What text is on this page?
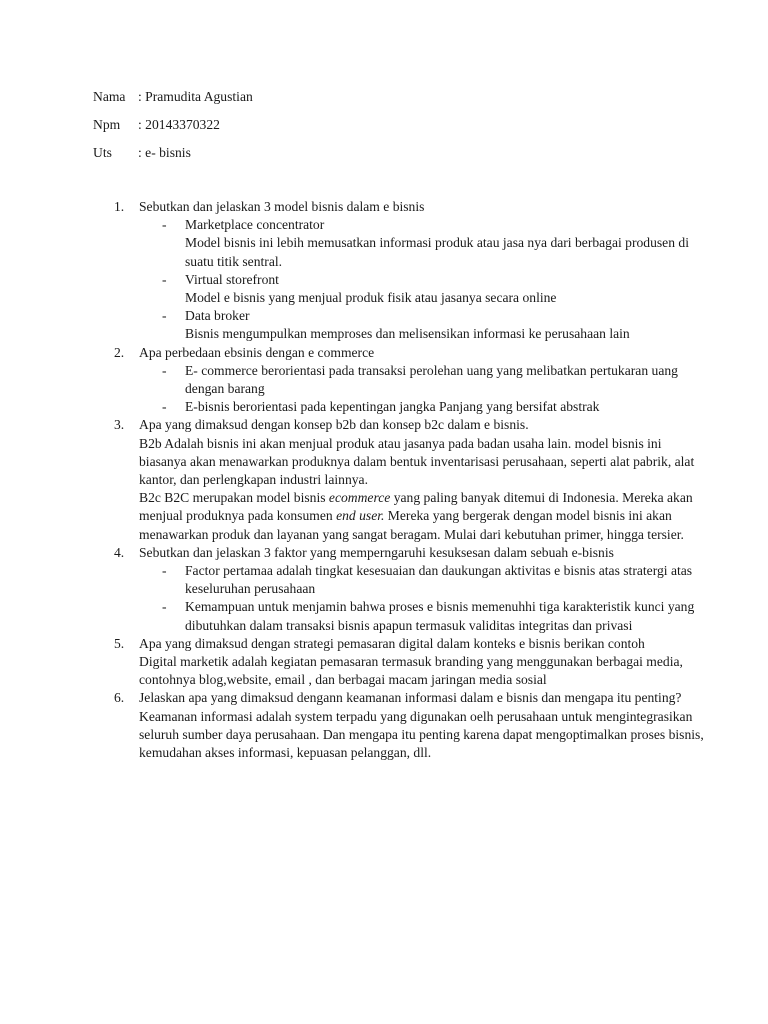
Nama : Pramudita Agustian
Npm : 20143370322
Uts : e- bisnis
1. Sebutkan dan jelaskan 3 model bisnis dalam e bisnis
- Marketplace concentrator
Model bisnis ini lebih memusatkan informasi produk atau jasa nya dari berbagai produsen di suatu titik sentral.
- Virtual storefront
Model e bisnis yang menjual produk fisik atau jasanya secara online
- Data broker
Bisnis mengumpulkan memproses dan melisensikan informasi ke perusahaan lain
2. Apa perbedaan ebsinis dengan e commerce
- E- commerce berorientasi pada transaksi perolehan uang yang melibatkan pertukaran uang dengan barang
- E-bisnis berorientasi pada kepentingan jangka Panjang yang bersifat abstrak
3. Apa yang dimaksud dengan konsep b2b dan konsep b2c dalam e bisnis.
B2b Adalah bisnis ini akan menjual produk atau jasanya pada badan usaha lain. model bisnis ini biasanya akan menawarkan produknya dalam bentuk inventarisasi perusahaan, seperti alat pabrik, alat kantor, dan perlengkapan industri lainnya.
B2c B2C merupakan model bisnis ecommerce yang paling banyak ditemui di Indonesia. Mereka akan menjual produknya pada konsumen end user. Mereka yang bergerak dengan model bisnis ini akan menawarkan produk dan layanan yang sangat beragam. Mulai dari kebutuhan primer, hingga tersier.
4. Sebutkan dan jelaskan 3 faktor yang memperngaruhi kesuksesan dalam sebuah e-bisnis
- Factor pertamaa adalah tingkat kesesuaian dan daukungan aktivitas e bisnis atas stratergi atas keseluruhan perusahaan
- Kemampuan untuk menjamin bahwa proses e bisnis memenuhhi tiga karakteristik kunci yang dibutuhkan dalam transaksi bisnis apapun termasuk validitas integritas dan privasi
5. Apa yang dimaksud dengan strategi pemasaran digital dalam konteks e bisnis berikan contoh
Digital marketik adalah kegiatan pemasaran termasuk branding yang menggunakan berbagai media, contohnya blog,website, email , dan berbagai macam jaringan media sosial
6. Jelaskan apa yang dimaksud dengann keamanan informasi dalam e bisnis dan mengapa itu penting?
Keamanan informasi adalah system terpadu yang digunakan oelh perusahaan untuk mengintegrasikan seluruh sumber daya perusahaan. Dan mengapa itu penting karena dapat mengoptimalkan proses bisnis, kemudahan akses informasi, kepuasan pelanggan, dll.
